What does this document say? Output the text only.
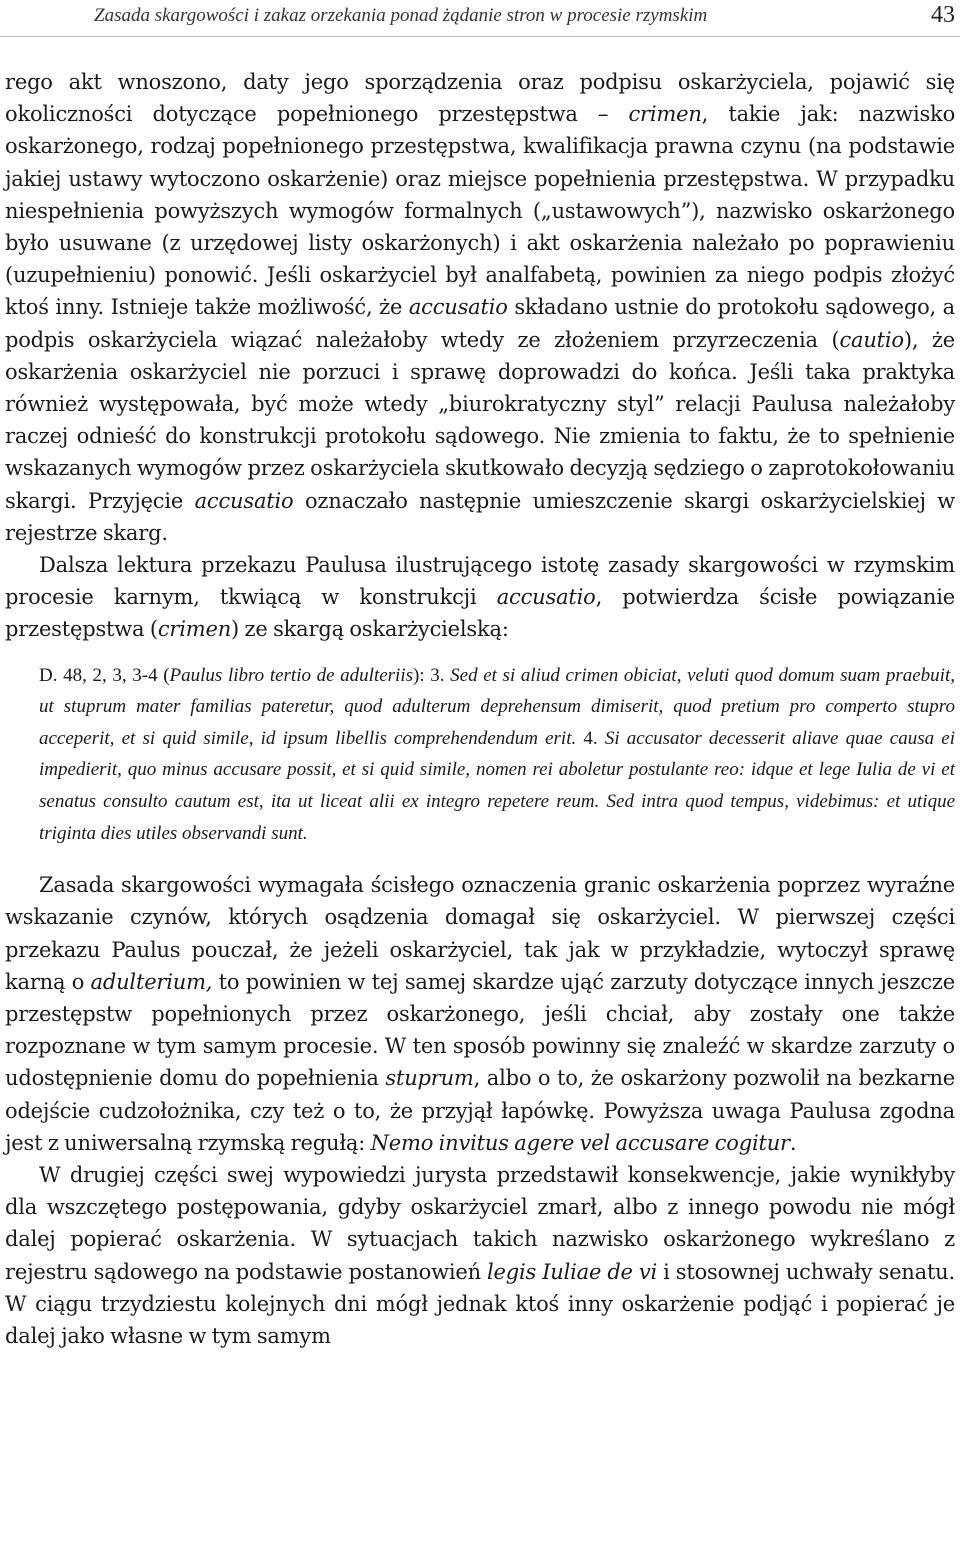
Zasada skargowości i zakaz orzekania ponad żądanie stron w procesie rzymskim	43

rego akt wnoszono, daty jego sporządzenia oraz podpisu oskarżyciela, pojawić się okoliczności dotyczące popełnionego przestępstwa – crimen, takie jak: nazwisko oskarżonego, rodzaj popełnionego przestępstwa, kwalifikacja prawna czynu (na podstawie jakiej ustawy wytoczono oskarżenie) oraz miejsce popełnienia przestępstwa. W przypadku niespełnienia powyższych wymogów formalnych („ustawowych”), nazwisko oskarżonego było usuwane (z urzędowej listy oskarżonych) i akt oskarżenia należało po poprawieniu (uzupełnieniu) ponowić. Jeśli oskarżyciel był analfabetą, powinien za niego podpis złożyć ktoś inny. Istnieje także możliwość, że accusatio składano ustnie do protokołu sądowego, a podpis oskarżyciela wiązać należałoby wtedy ze złożeniem przyrzeczenia (cautio), że oskarżenia oskarżyciel nie porzuci i sprawę doprowadzi do końca. Jeśli taka praktyka również występowała, być może wtedy „biurokratyczny styl” relacji Paulusa należałoby raczej odnieść do konstrukcji protokołu sądowego. Nie zmienia to faktu, że to spełnienie wskazanych wymogów przez oskarżyciela skutkowało decyzją sędziego o zaprotokołowaniu skargi. Przyjęcie accusatio oznaczało następnie umieszczenie skargi oskarżycielskiej w rejestrze skarg.

Dalsza lektura przekazu Paulusa ilustrującego istotę zasady skargowości w rzymskim procesie karnym, tkwiącą w konstrukcji accusatio, potwierdza ścisłe powiązanie przestępstwa (crimen) ze skargą oskarżycielską:

D. 48, 2, 3, 3-4 (Paulus libro tertio de adulteriis): 3. Sed et si aliud crimen obiciat, veluti quod domum suam praebuit, ut stuprum mater familias pateretur, quod adulterum deprehensum dimiserit, quod pretium pro comperto stupro acceperit, et si quid simile, id ipsum libellis comprehendendum erit. 4. Si accusator decesserit aliave quae causa ei impedierit, quo minus accusare possit, et si quid simile, nomen rei aboletur postulante reo: idque et lege Iulia de vi et senatus consulto cautum est, ita ut liceat alii ex integro repetere reum. Sed intra quod tempus, videbimus: et utique triginta dies utiles observandi sunt.

Zasada skargowości wymagała ścisłego oznaczenia granic oskarżenia poprzez wyraźne wskazanie czynów, których osądzenia domagał się oskarżyciel. W pierwszej części przekazu Paulus pouczał, że jeżeli oskarżyciel, tak jak w przykładzie, wytoczył sprawę karną o adulterium, to powinien w tej samej skardze ująć zarzuty dotyczące innych jeszcze przestępstw popełnionych przez oskarżonego, jeśli chciał, aby zostały one także rozpoznane w tym samym procesie. W ten sposób powinny się znaleźć w skardze zarzuty o udostępnienie domu do popełnienia stuprum, albo o to, że oskarżony pozwolił na bezkarne odejście cudzołożnika, czy też o to, że przyjął łapówkę. Powyższa uwaga Paulusa zgodna jest z uniwersalną rzymską regułą: Nemo invitus agere vel accusare cogitur.

W drugiej części swej wypowiedzi jurysta przedstawił konsekwencje, jakie wynikłyby dla wszczętego postępowania, gdyby oskarżyciel zmarł, albo z innego powodu nie mógł dalej popierać oskarżenia. W sytuacjach takich nazwisko oskarżonego wykreślano z rejestru sądowego na podstawie postanowień legis Iuliae de vi i stosownej uchwały senatu. W ciągu trzydziestu kolejnych dni mógł jednak ktoś inny oskarżenie podjąć i popierać je dalej jako własne w tym samym
